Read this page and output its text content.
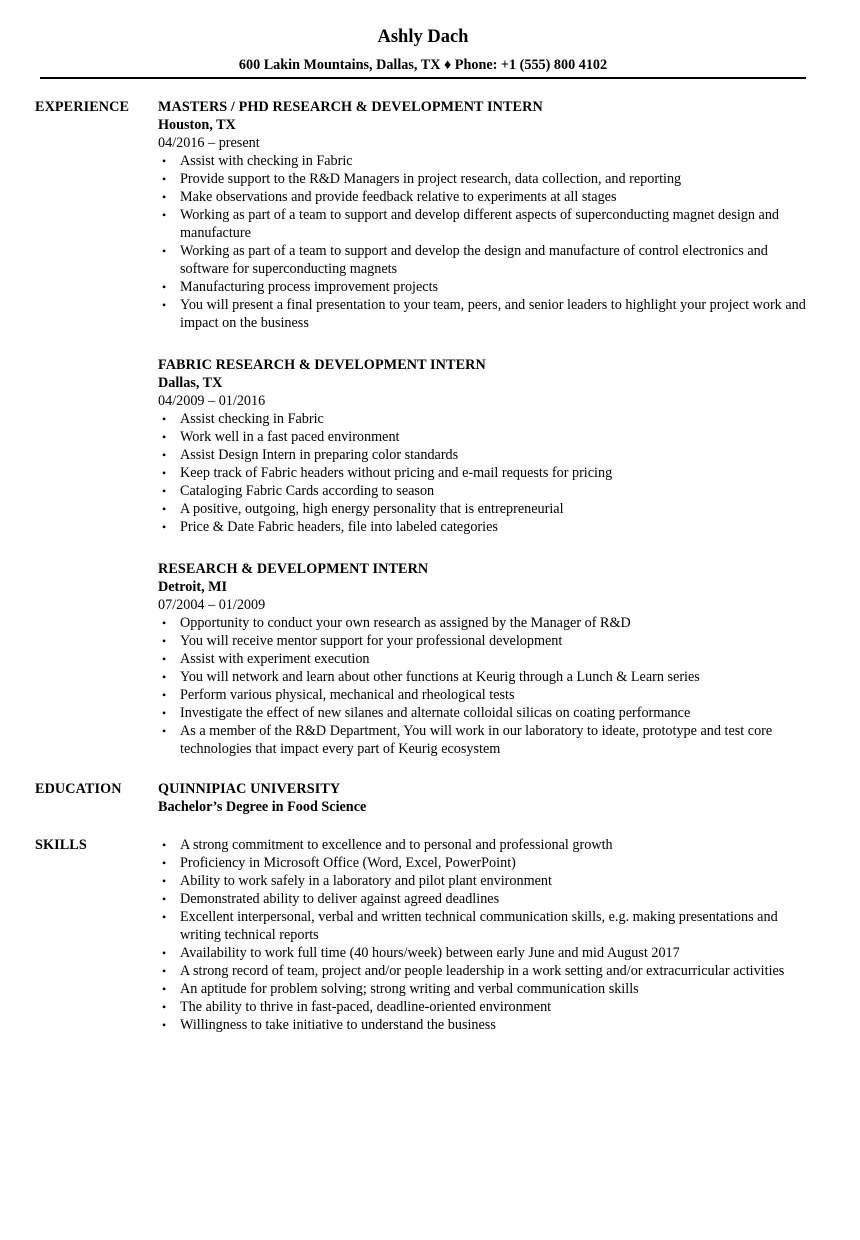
Ashly Dach
600 Lakin Mountains, Dallas, TX ♦ Phone: +1 (555) 800 4102
EXPERIENCE MASTERS / PHD RESEARCH & DEVELOPMENT INTERN
Houston, TX
04/2016 – present
• Assist with checking in Fabric
• Provide support to the R&D Managers in project research, data collection, and reporting
• Make observations and provide feedback relative to experiments at all stages
• Working as part of a team to support and develop different aspects of superconducting magnet design and manufacture
• Working as part of a team to support and develop the design and manufacture of control electronics and software for superconducting magnets
• Manufacturing process improvement projects
• You will present a final presentation to your team, peers, and senior leaders to highlight your project work and impact on the business
FABRIC RESEARCH & DEVELOPMENT INTERN
Dallas, TX
04/2009 – 01/2016
• Assist checking in Fabric
• Work well in a fast paced environment
• Assist Design Intern in preparing color standards
• Keep track of Fabric headers without pricing and e-mail requests for pricing
• Cataloging Fabric Cards according to season
• A positive, outgoing, high energy personality that is entrepreneurial
• Price & Date Fabric headers, file into labeled categories
RESEARCH & DEVELOPMENT INTERN
Detroit, MI
07/2004 – 01/2009
• Opportunity to conduct your own research as assigned by the Manager of R&D
• You will receive mentor support for your professional development
• Assist with experiment execution
• You will network and learn about other functions at Keurig through a Lunch & Learn series
• Perform various physical, mechanical and rheological tests
• Investigate the effect of new silanes and alternate colloidal silicas on coating performance
• As a member of the R&D Department, You will work in our laboratory to ideate, prototype and test core technologies that impact every part of Keurig ecosystem
EDUCATION	QUINNIPIAC UNIVERSITY
Bachelor’s Degree in Food Science
SKILLS
•	A strong commitment to excellence and to personal and professional growth
• Proficiency in Microsoft Office (Word, Excel, PowerPoint)
• Ability to work safely in a laboratory and pilot plant environment
• Demonstrated ability to deliver against agreed deadlines
• Excellent interpersonal, verbal and written technical communication skills, e.g. making presentations and writing technical reports
• Availability to work full time (40 hours/week) between early June and mid August 2017
• A strong record of team, project and/or people leadership in a work setting and/or extracurricular activities
• An aptitude for problem solving; strong writing and verbal communication skills
• The ability to thrive in fast-paced, deadline-oriented environment
• Willingness to take initiative to understand the business
